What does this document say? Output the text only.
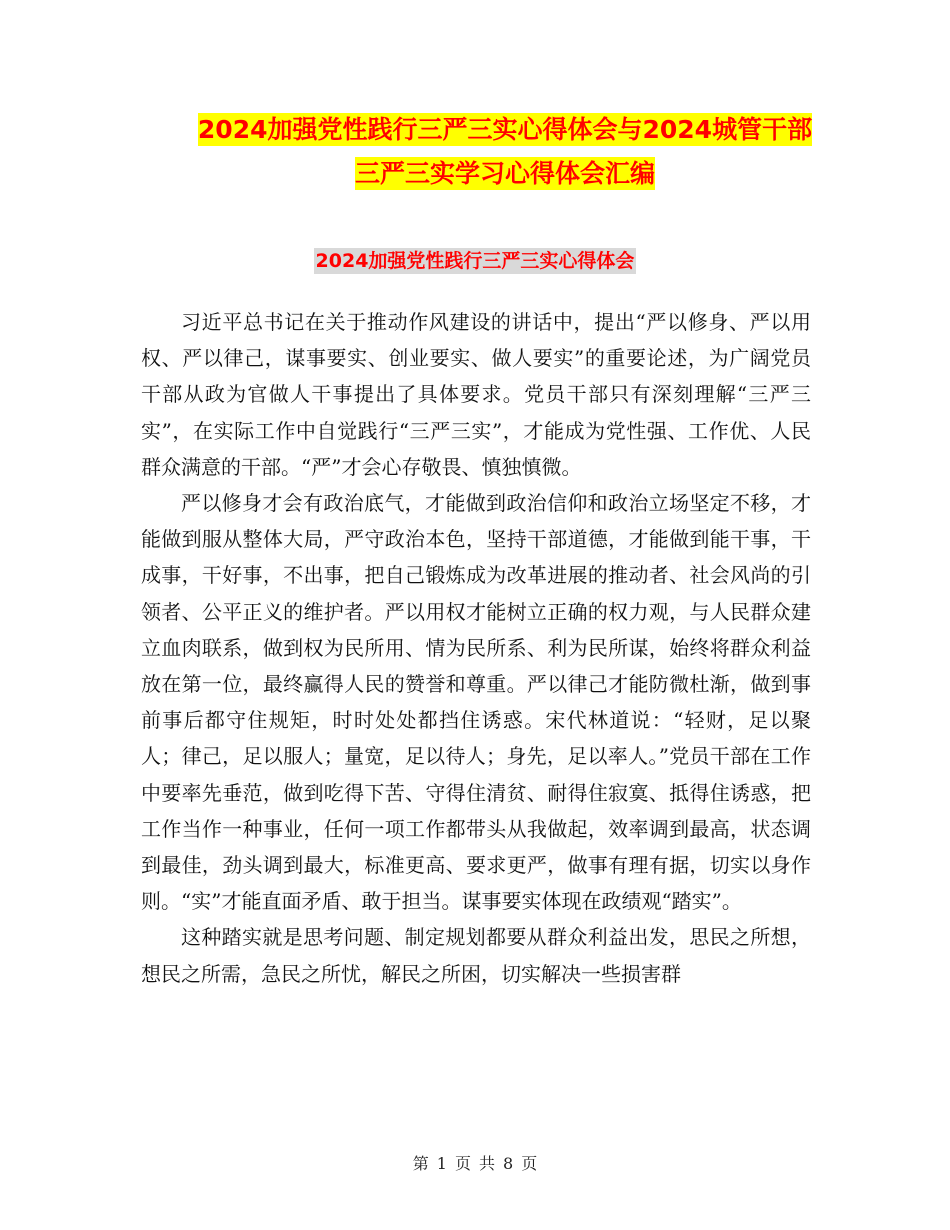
2024加强党性践行三严三实心得体会与2024城管干部
三严三实学习心得体会汇编
2024加强党性践行三严三实心得体会

习近平总书记在关于推动作风建设的讲话中，提出“严以修身、严以用权、严以律己，谋事要实、创业要实、做人要实”的重要论述，为广阔党员干部从政为官做人干事提出了具体要求。党员干部只有深刻理解“三严三实”，在实际工作中自觉践行“三严三实”，才能成为党性强、工作优、人民群众满意的干部。“严”才会心存敬畏、慎独慎微。

严以修身才会有政治底气，才能做到政治信仰和政治立场坚定不移，才能做到服从整体大局，严守政治本色，坚持干部道德，才能做到能干事，干成事，干好事，不出事，把自己锻炼成为改革进展的推动者、社会风尚的引领者、公平正义的维护者。严以用权才能树立正确的权力观，与人民群众建立血肉联系，做到权为民所用、情为民所系、利为民所谋，始终将群众利益放在第一位，最终赢得人民的赞誉和尊重。严以律己才能防微杜渐，做到事前事后都守住规矩，时时处处都挡住诱惑。宋代林道说：“轻财，足以聚人；律己，足以服人；量宽，足以待人；身先，足以率人。”党员干部在工作中要率先垂范，做到吃得下苦、守得住清贫、耐得住寂寞、抵得住诱惑，把工作当作一种事业，任何一项工作都带头从我做起，效率调到最高，状态调到最佳，劲头调到最大，标准更高、要求更严，做事有理有据，切实以身作则。“实”才能直面矛盾、敢于担当。谋事要实体现在政绩观“踏实”。

这种踏实就是思考问题、制定规划都要从群众利益出发，思民之所想，想民之所需，急民之所忧，解民之所困，切实解决一些损害群

第 1 页 共 8 页
